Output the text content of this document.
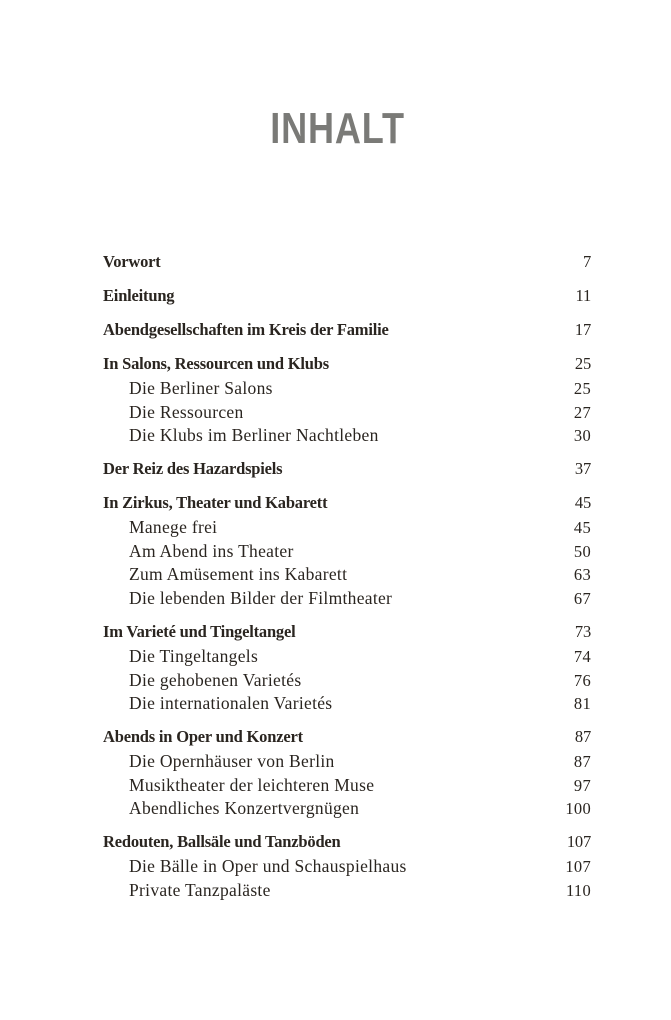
INHALT
Vorwort	7
Einleitung	11
Abendgesellschaften im Kreis der Familie	17
In Salons, Ressourcen und Klubs	25
Die Berliner Salons	25
Die Ressourcen	27
Die Klubs im Berliner Nachtleben	30
Der Reiz des Hazardspiels	37
In Zirkus, Theater und Kabarett	45
Manege frei	45
Am Abend ins Theater	50
Zum Amüsement ins Kabarett	63
Die lebenden Bilder der Filmtheater	67
Im Varieté und Tingeltangel	73
Die Tingeltangels	74
Die gehobenen Varietés	76
Die internationalen Varietés	81
Abends in Oper und Konzert	87
Die Opernhäuser von Berlin	87
Musiktheater der leichteren Muse	97
Abendliches Konzertvergnügen	100
Redouten, Ballsäle und Tanzböden	107
Die Bälle in Oper und Schauspielhaus	107
Private Tanzpaläste	110
